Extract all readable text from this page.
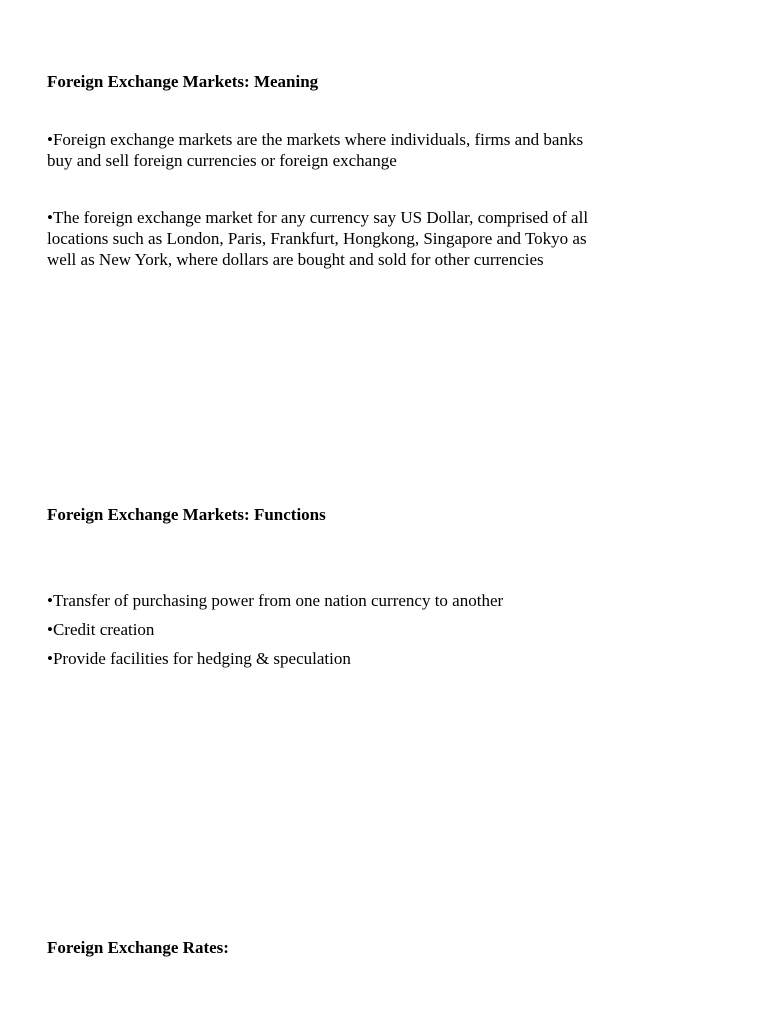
Foreign Exchange Markets: Meaning

•Foreign exchange markets are the markets where individuals, firms and banks
buy and sell foreign currencies or foreign exchange

•The foreign exchange market for any currency say US Dollar, comprised of all
locations such as London, Paris, Frankfurt, Hongkong, Singapore and Tokyo as
well as New York, where dollars are bought and sold for other currencies

Foreign Exchange Markets: Functions
•Transfer of purchasing power from one nation currency to another
•Credit creation
•Provide facilities for hedging & speculation
Foreign Exchange Rates:
